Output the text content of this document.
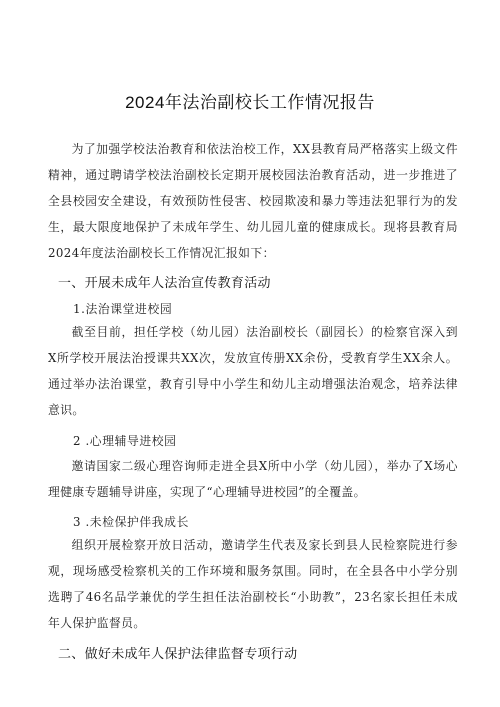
2024年法治副校长工作情况报告

为了加强学校法治教育和依法治校工作，XX县教育局严格落实上级文件精神，通过聘请学校法治副校长定期开展校园法治教育活动，进一步推进了全县校园安全建设，有效预防性侵害、校园欺凌和暴力等违法犯罪行为的发生，最大限度地保护了未成年学生、幼儿园儿童的健康成长。现将县教育局2024年度法治副校长工作情况汇报如下：

一、开展未成年人法治宣传教育活动
1.法治课堂进校园

截至目前，担任学校（幼儿园）法治副校长（副园长）的检察官深入到X所学校开展法治授课共XX次，发放宣传册XX余份，受教育学生XX余人。通过举办法治课堂，教育引导中小学生和幼儿主动增强法治观念，培养法律意识。

2 .心理辅导进校园

邀请国家二级心理咨询师走进全县X所中小学（幼儿园），举办了X场心理健康专题辅导讲座，实现了“心理辅导进校园”的全覆盖。

3 .未检保护伴我成长

组织开展检察开放日活动，邀请学生代表及家长到县人民检察院进行参观，现场感受检察机关的工作环境和服务氛围。同时，在全县各中小学分别选聘了46名品学兼优的学生担任法治副校长“小助教”，23名家长担任未成年人保护监督员。

二、做好未成年人保护法律监督专项行动
